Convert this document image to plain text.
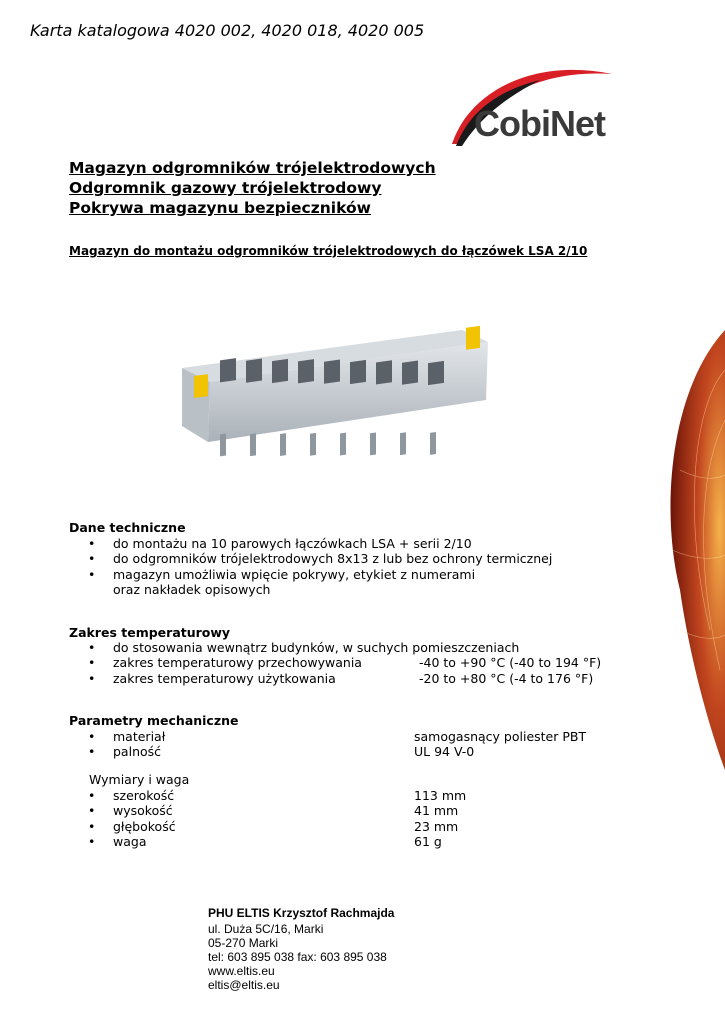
Karta katalogowa 4020 002, 4020 018, 4020 005
CobiNet
Magazyn odgromników trójelektrodowych
Odgromnik gazowy trójelektrodowy
Pokrywa magazynu bezpieczników
Magazyn do montażu odgromników trójelektrodowych do łączówek LSA 2/10
Dane techniczne
• do montażu na 10 parowych łączówkach LSA + serii 2/10
• do odgromników trójelektrodowych 8x13 z lub bez ochrony termicznej
• magazyn umożliwia wpięcie pokrywy, etykiet z numerami
oraz nakładek opisowych
Zakres temperaturowy
• do stosowania wewnątrz budynków, w suchych pomieszczeniach
• zakres temperaturowy przechowywania	-40 to +90 °C (-40 to 194 °F)
• zakres temperaturowy użytkowania	-20 to +80 °C (-4 to 176 °F)
Parametry mechaniczne
• materiał	samogasnący poliester PBT
• palność	UL 94 V-0
Wymiary i waga
• szerokość	113 mm
• wysokość	41 mm
• głębokość	23 mm
• waga	61 g
PHU ELTIS Krzysztof Rachmajda
ul. Duża 5C/16, Marki
05-270 Marki
tel: 603 895 038 fax: 603 895 038
www.eltis.eu
eltis@eltis.eu
